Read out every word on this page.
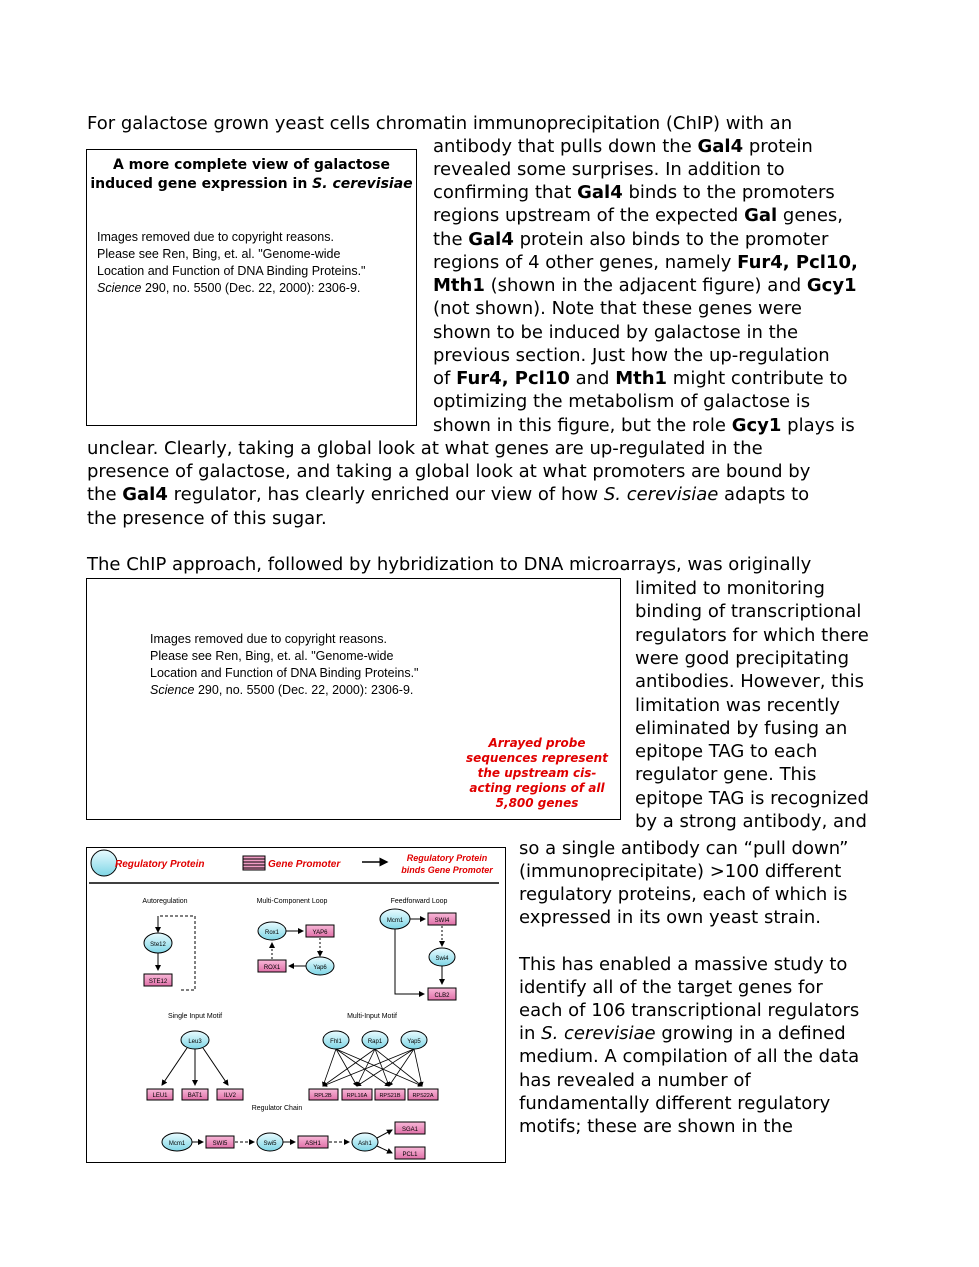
For galactose grown yeast cells chromatin immunoprecipitation (ChIP) with an
antibody that pulls down the Gal4 protein
revealed some surprises. In addition to
confirming that Gal4 binds to the promoters
regions upstream of the expected Gal genes,
the Gal4 protein also binds to the promoter
regions of 4 other genes, namely Fur4, Pcl10,
Mth1 (shown in the adjacent figure) and Gcy1
(not shown). Note that these genes were
shown to be induced by galactose in the
previous section. Just how the up-regulation
of Fur4, Pcl10 and Mth1 might contribute to
optimizing the metabolism of galactose is
shown in this figure, but the role Gcy1 plays is
unclear. Clearly, taking a global look at what genes are up-regulated in the
presence of galactose, and taking a global look at what promoters are bound by
the Gal4 regulator, has clearly enriched our view of how S. cerevisiae adapts to
the presence of this sugar.
A more complete view of galactose
induced gene expression in S. cerevisiae
Images removed due to copyright reasons.
Please see Ren, Bing, et. al. "Genome-wide
Location and Function of DNA Binding Proteins."
Science 290, no. 5500 (Dec. 22, 2000): 2306-9.
The ChIP approach, followed by hybridization to DNA microarrays, was originally
limited to monitoring
binding of transcriptional
regulators for which there
were good precipitating
antibodies. However, this
limitation was recently
eliminated by fusing an
epitope TAG to each
regulator gene. This
epitope TAG is recognized
by a strong antibody, and
Images removed due to copyright reasons.
Please see Ren, Bing, et. al. "Genome-wide
Location and Function of DNA Binding Proteins."
Science 290, no. 5500 (Dec. 22, 2000): 2306-9.
Arrayed probe
sequences represent
the upstream cis-
acting regions of all
5,800 genes
so a single antibody can “pull down”
(immunoprecipitate) >100 different
regulatory proteins, each of which is
expressed in its own yeast strain.
This has enabled a massive study to
identify all of the target genes for
each of 106 transcriptional regulators
in S. cerevisiae growing in a defined
medium. A compilation of all the data
has revealed a number of
fundamentally different regulatory
motifs; these are shown in the
Regulatory Protein	Gene Promoter
Regulatory Protein
binds Gene Promoter
Autoregulation	Multi-Component Loop	Feedforward Loop
Single Input Motif	Multi-Input Motif
Regulator Chain
Ste12
STE12
Rox1	YAP6
Yap6
ROX1
Mcm1	SWI4
Swi4
CLB2
Leu3
LEU1	BAT1	ILV2
Fhl1	Rap1	Yap5
RPL2B	RPL16A RPS21B RPS22A
Mcm1	SWI5	Swi5	ASH1	Ash1
SGA1
PCL1
